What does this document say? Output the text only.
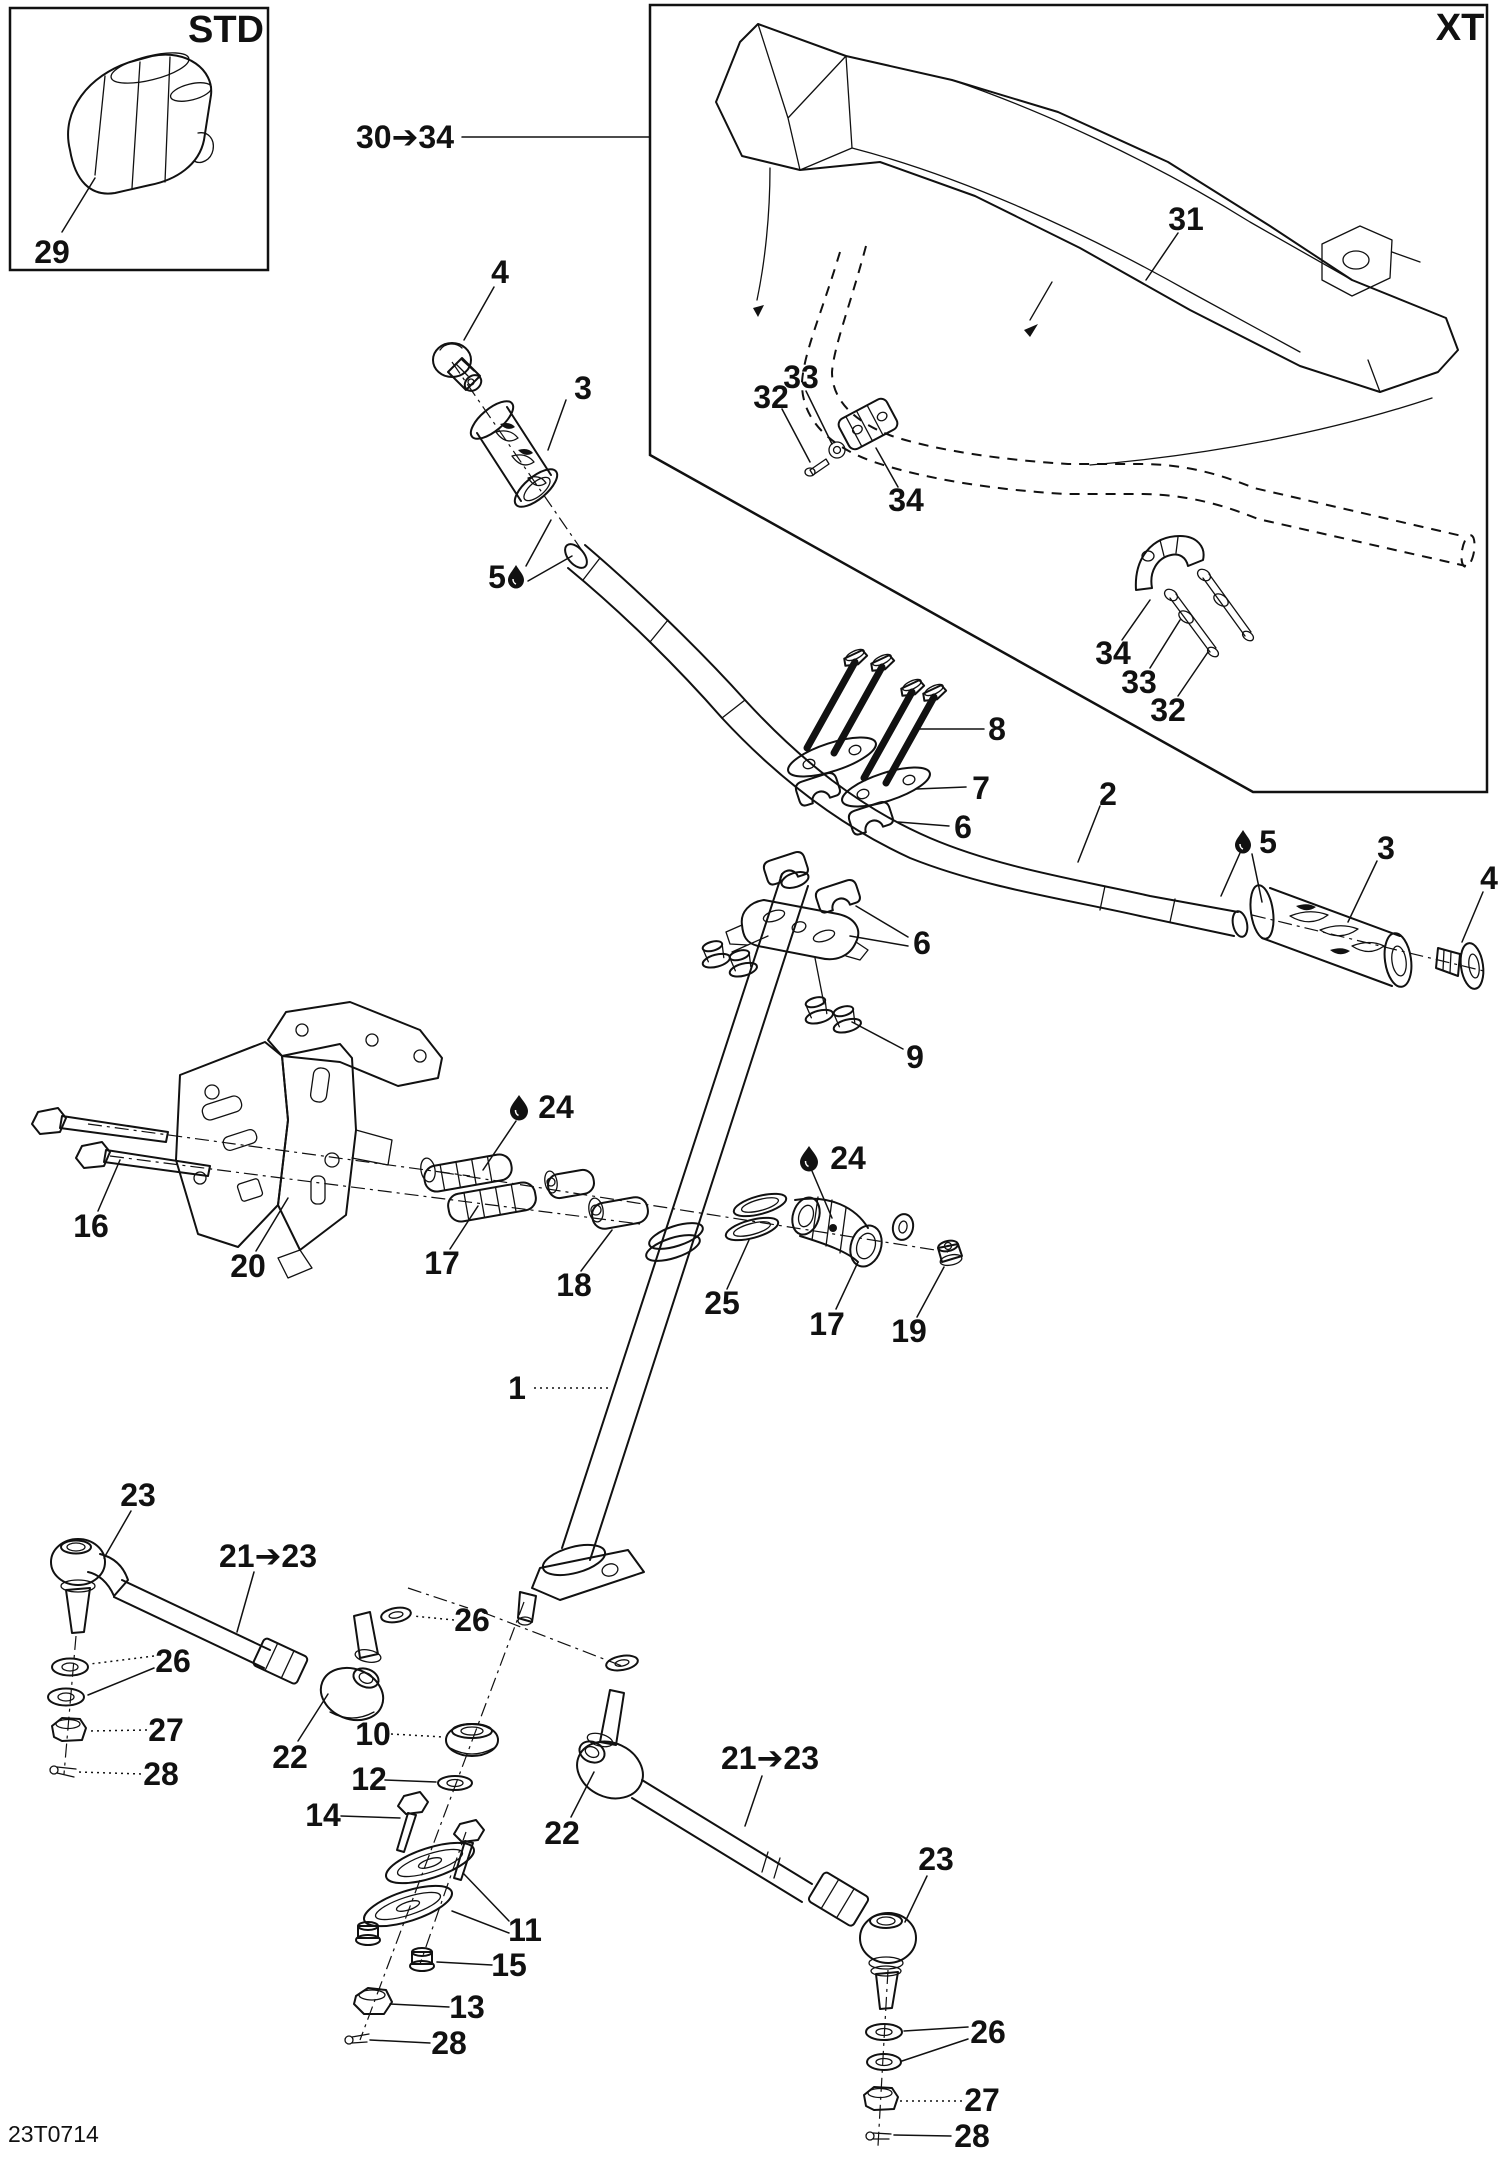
STD
29
XT
31
32
33
34
34
33
32
30➔34
2
4
3
5
5	3
4
8
7
6
6
9
1
16
20
24
17
18	25
24
17 19
10
12
14
11
15
13
28
23
21➔23
22
26
27
28
26
22
21➔23
23
26
27
28
23T0714
